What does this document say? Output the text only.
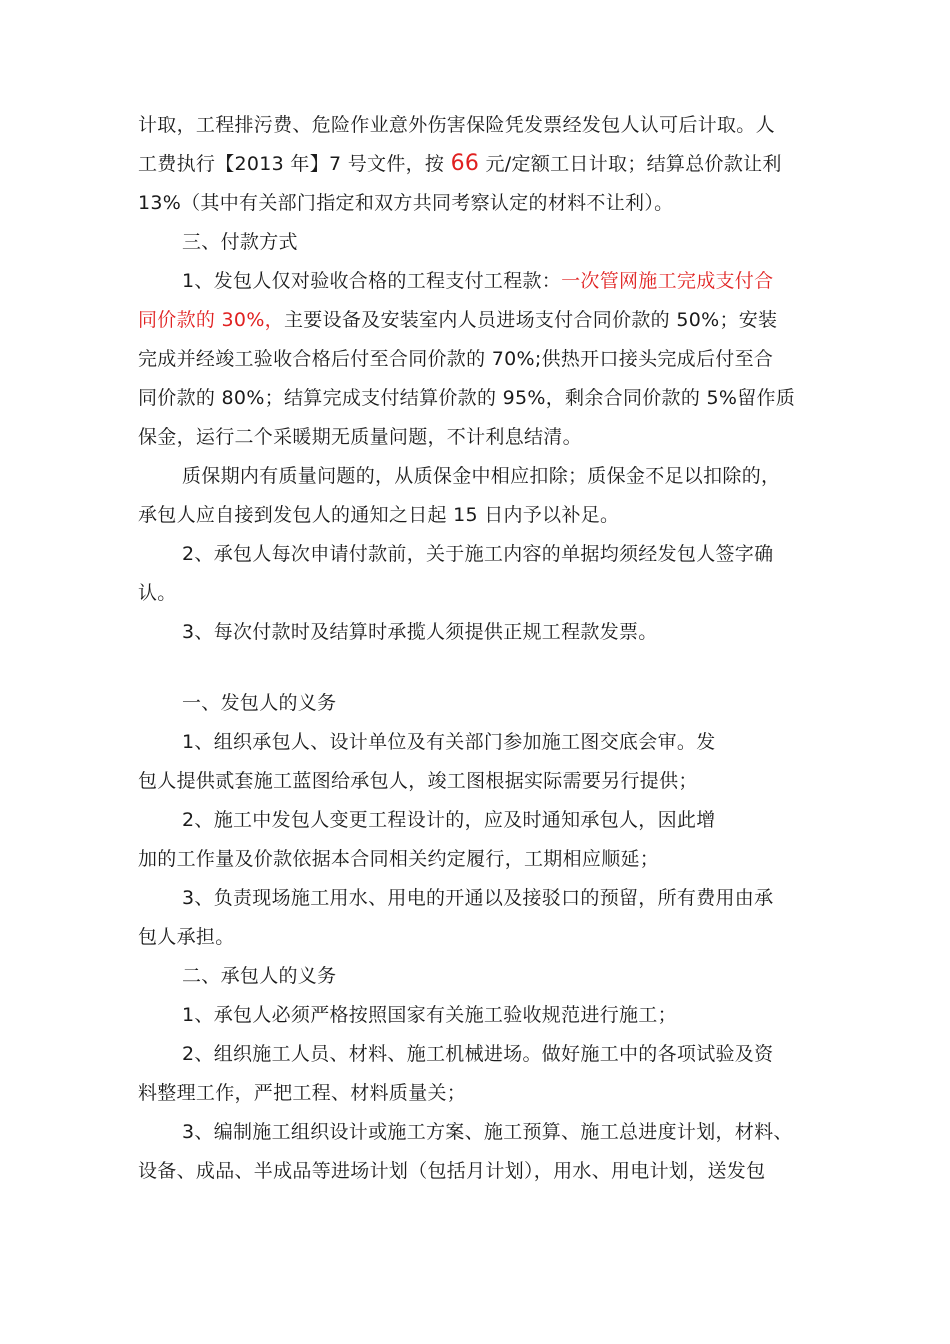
计取，工程排污费、危险作业意外伤害保险凭发票经发包人认可后计取。人
工费执行【2013 年】7 号文件，按 66 元/定额工日计取；结算总价款让利
13%（其中有关部门指定和双方共同考察认定的材料不让利）。
三、付款方式
1、发包人仅对验收合格的工程支付工程款：一次管网施工完成支付合
同价款的 30%，主要设备及安装室内人员进场支付合同价款的 50%；安装
完成并经竣工验收合格后付至合同价款的 70%;供热开口接头完成后付至合
同价款的 80%；结算完成支付结算价款的 95%，剩余合同价款的 5%留作质
保金，运行二个采暖期无质量问题，不计利息结清。
质保期内有质量问题的，从质保金中相应扣除；质保金不足以扣除的，
承包人应自接到发包人的通知之日起 15 日内予以补足。
2、承包人每次申请付款前，关于施工内容的单据均须经发包人签字确
认。
3、每次付款时及结算时承揽人须提供正规工程款发票。
一、发包人的义务
1、组织承包人、设计单位及有关部门参加施工图交底会审。发
包人提供贰套施工蓝图给承包人，竣工图根据实际需要另行提供；
2、施工中发包人变更工程设计的，应及时通知承包人，因此增
加的工作量及价款依据本合同相关约定履行，工期相应顺延；
3、负责现场施工用水、用电的开通以及接驳口的预留，所有费用由承
包人承担。
二、承包人的义务
1、承包人必须严格按照国家有关施工验收规范进行施工；
2、组织施工人员、材料、施工机械进场。做好施工中的各项试验及资
料整理工作，严把工程、材料质量关；
3、编制施工组织设计或施工方案、施工预算、施工总进度计划，材料、
设备、成品、半成品等进场计划（包括月计划），用水、用电计划，送发包
